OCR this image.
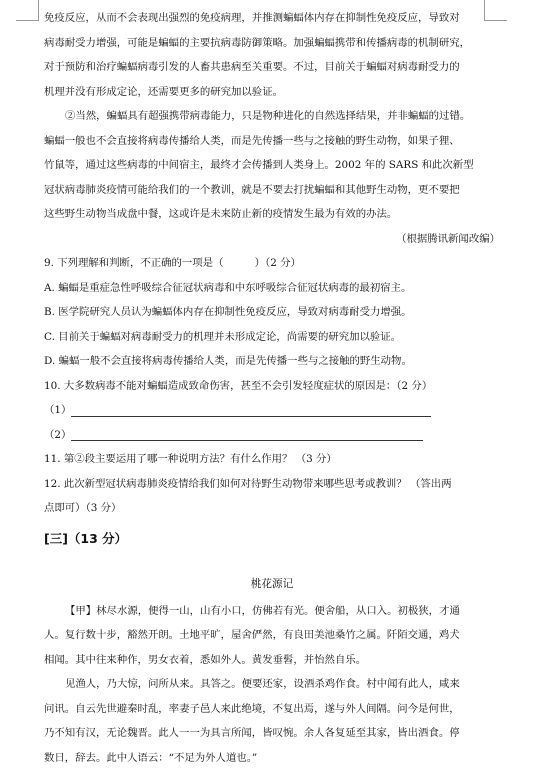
免疫反应，从而不会表现出强烈的免疫病理，并推测蝙蝠体内存在抑制性免疫反应，导致对

病毒耐受力增强，可能是蝙蝠的主要抗病毒防御策略。加强蝙蝠携带和传播病毒的机制研究，

对于预防和治疗蝙蝠病毒引发的人畜共患病至关重要。不过，目前关于蝙蝠对病毒耐受力的

机理并没有形成定论，还需要更多的研究加以验证。

②当然，蝙蝠具有超强携带病毒能力，只是物种进化的自然选择结果，并非蝙蝠的过错。

蝙蝠一般也不会直接将病毒传播给人类，而是先传播一些与之接触的野生动物，如果子狸、

竹鼠等，通过这些病毒的中间宿主，最终才会传播到人类身上。2002 年的 SARS 和此次新型

冠状病毒肺炎疫情可能给我们的一个教训，就是不要去打扰蝙蝠和其他野生动物，更不要把

这些野生动物当成盘中餐，这或许是未来防止新的疫情发生最为有效的办法。

（根据腾讯新闻改编）

9. 下列理解和判断，不正确的一项是（　　　）（2 分）

A. 蝙蝠是重症急性呼吸综合征冠状病毒和中东呼吸综合征冠状病毒的最初宿主。

B. 医学院研究人员认为蝙蝠体内存在抑制性免疫反应，导致对病毒耐受力增强。

C. 目前关于蝙蝠对病毒耐受力的机理并未形成定论，尚需要的研究加以验证。

D. 蝙蝠一般不会直接将病毒传播给人类，而是先传播一些与之接触的野生动物。

10. 大多数病毒不能对蝙蝠造成致命伤害，甚至不会引发轻度症状的原因是：（2 分）

（1）

（2）

11. 第②段主要运用了哪一种说明方法？有什么作用？ （3 分）

12. 此次新型冠状病毒肺炎疫情给我们如何对待野生动物带来哪些思考或教训？ （答出两

点即可）（3 分）

[三]（13 分）

桃花源记

【甲】林尽水源，便得一山，山有小口，仿佛若有光。便舍船，从口入。初极狭，才通

人。复行数十步，豁然开朗。土地平旷，屋舍俨然，有良田美池桑竹之属。阡陌交通，鸡犬

相闻。其中往来种作，男女衣着，悉如外人。黄发垂髫，并怡然自乐。

见渔人，乃大惊，问所从来。具答之。便要还家，设酒杀鸡作食。村中闻有此人，咸来

问讯。自云先世避秦时乱，率妻子邑人来此绝境，不复出焉，遂与外人间隔。问今是何世，

乃不知有汉，无论魏晋。此人一一为具言所闻，皆叹惋。余人各复延至其家，皆出酒食。停

数日，辞去。此中人语云：“不足为外人道也。”
